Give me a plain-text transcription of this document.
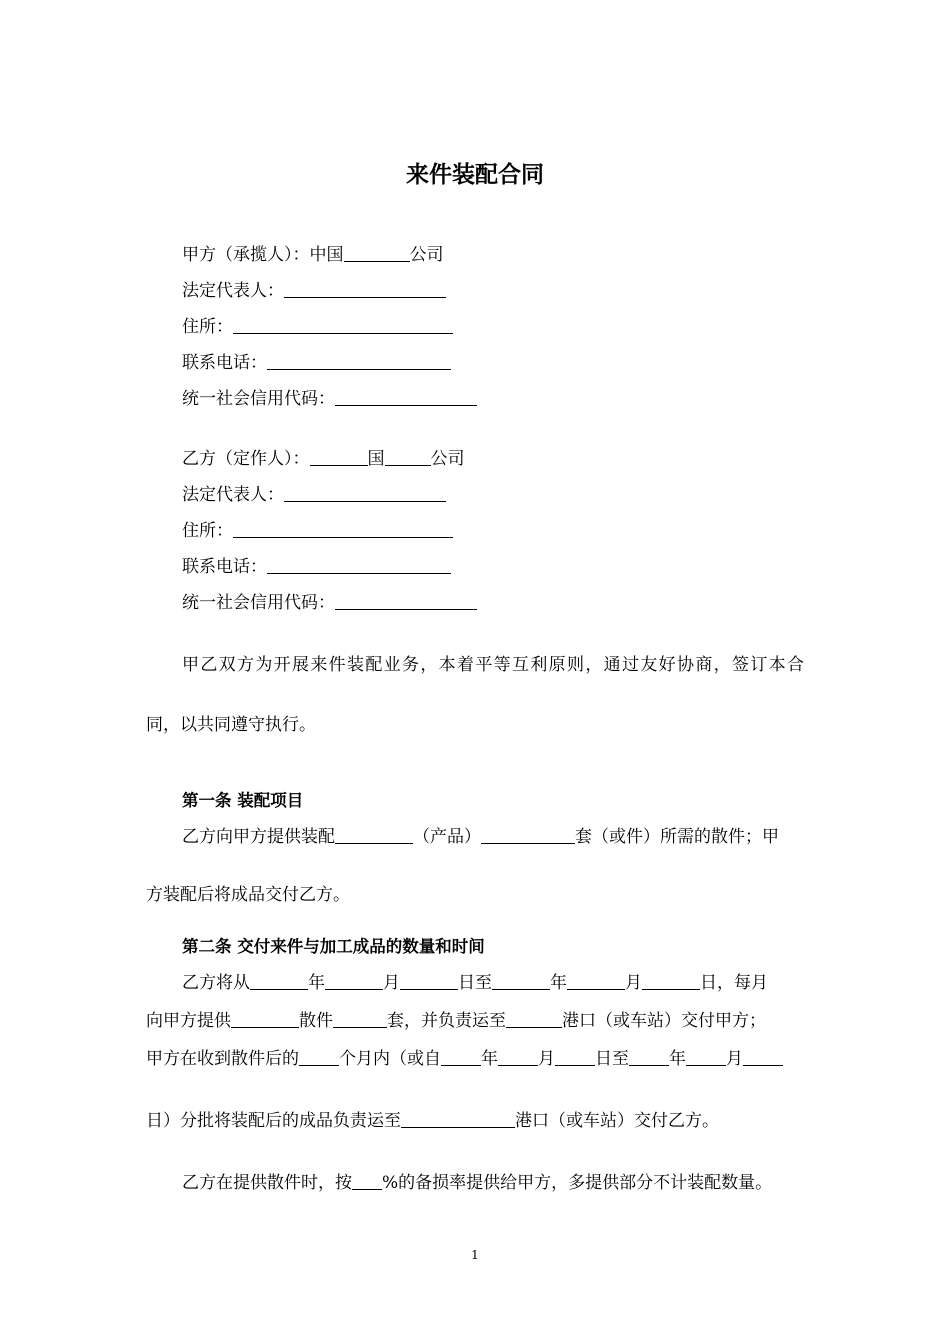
来件装配合同
甲方（承揽人）：中国	公司
法定代表人：
住所：
联系电话：
统一社会信用代码：
乙方（定作人）：	国	公司
法定代表人：
住所：
联系电话：
统一社会信用代码：
甲乙双方为开展来件装配业务，本着平等互利原则，通过友好协商，签订本合
同，以共同遵守执行。
第一条 装配项目
乙方向甲方提供装配	（产品）	套（或件）所需的散件；甲
方装配后将成品交付乙方。
第二条 交付来件与加工成品的数量和时间
乙方将从	年	月	日至	年	月	日，每月
向甲方提供	散件	套，并负责运至	港口（或车站）交付甲方；
甲方在收到散件后的 个月内（或自 年 月 日至 年 月
日）分批将装配后的成品负责运至	港口（或车站）交付乙方。
乙方在提供散件时，按 %的备损率提供给甲方，多提供部分不计装配数量。
1
